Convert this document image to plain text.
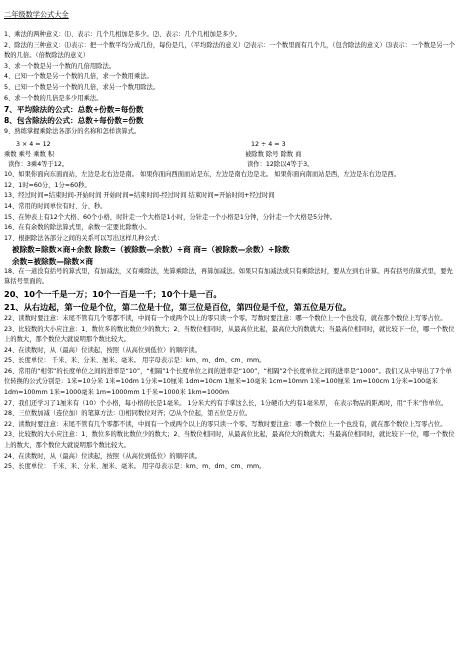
二年级数学公式大全
1、乘法的两种意义：⑴、表示：几个几相加是多少。⑵、表示：几个几相加是多少。
2、除法的三种意义：⑴表示：把一个数平均分成几份，每份是几，（平均除法的意义）⑵表示：一个数里面有几个几，（包含除法的意义）⑶表示：一个数是另一个数的几倍。（倍数除法的意义）
3、求一个数是另一个数的几倍用除法。
4、已知一个数是另一个数的几倍，求一个数用乘法。
5、已知一个数是另一个数的几倍，求另一个数用除法。
6、求一个数的几倍是多少用乘法。
7、平均除法的公式：总数÷份数=每份数
8、包含除法的公式：总数÷每份数=份数
9、熟练掌握乘除法各部分的名称和怎样读算式。
3 × 4 = 12	12 ÷ 4 = 3
乘数 乘号 乘数 积	被除数 除号 除数 商
读作：3乘4等于12。	读作：12除以4等于3。
10、如果你面向东面而站，左边是北右边是南。 如果你面向西面而站是东，左边是南右边是北。 如果你面向南而站是西，左边是东右边是西。
12、1时=60分，1分=60秒。
13、经过时间=结束时间-开始时间 开始时间=结束时间-经过时间 结束时间=开始时间+经过时间
14、常用的时间单位有时、分、秒。
15、在钟表上有12个大格、60个小格，时针走一个大格是1小时，分针走一个小格是1分钟，分针走一个大格是5分钟。
16、在有余数的除法算式里，余数一定要比除数小。
17、根据除法各部分之间的关系可以写出这样几种公式：
被除数=除数×商+余数 除数=（被除数—余数）÷商 商=（被除数—余数）÷除数
余数=被除数—除数×商
18、在一道没有括号的算式里，有加减法，又有乘除法，先算乘除法，再算加减法。如果只有加减法或只有乘除法时，要从左到右计算。再有括号的算式里，要先算括号里面的。
20、10个一千是一万；10个一百是一千；10个十是一百。
21、从右边起，第一位是个位，第二位是十位，第三位是百位，第四位是千位，第五位是万位。
22、读数时要注意：末尾不管有几个零都不读，中间有一个或两个以上的零只读一个零。写数时要注意：哪一个数位上一个也没有，就在那个数位上写零占位。
23、比较数的大小应注意：1、数位多的数比数位少的数大；2、当数位相同时，从最高位比起，最高位大的数就大；当最高位相同时，就比较下一位，哪一个数位上的数大，那个数位大就说明那个数比较大。
24、在读数时，从（最高）位读起，按照（从高位到低位）的顺序读。
25、长度单位： 千米、米、分米、厘米、毫米。 用字母表示是：km、m、dm、cm、mm。
26、常用的“相邻”的长度单位之间的进率是“10”，“相隔”1个长度单位之间的进率是“100”，“相隔”2个长度单位之间的进率是“1000”。我们又从中导出了7个单位转换的公式分别是：1米=10分米 1米=10dm 1分米=10厘米 1dm=10cm 1厘米=10毫米 1cm=10mm 1米=100厘米 1m=100cm 1分米=100毫米 1dm=100mm 1米=1000毫米 1m=1000mm 1千米=1000米 1km=1000m
27、我们还学习了1厘米有（10）个小格，每小格的长是1毫米。 1分米大约有手掌这么长，1分硬币大约有1毫米厚， 在表示物品的距离时，用“千米”作单位。
28、三位数加减（连位加）的笔算方法：⑴相同数位对齐；⑵从个位起，第五位是万位。
22、读数时要注意：末尾不管有几个零都不读，中间有一个或两个以上的零只读一个零。写数时要注意：哪一个数位上一个也没有，就在那个数位上写零占位。
23、比较数的大小应注意：1、数位多的数比数位少的数大；2、当数位相同时，从最高位比起，最高位大的数就大；当最高位相同时，就比较下一位，哪一个数位上的数大，那个数位大就说明那个数比较大。
24、在读数时，从（最高）位读起，按照（从高位到低位）的顺序读。
25、长度单位： 千米、米、分米、厘米、毫米。 用字母表示是：km、m、dm、cm、mm。
